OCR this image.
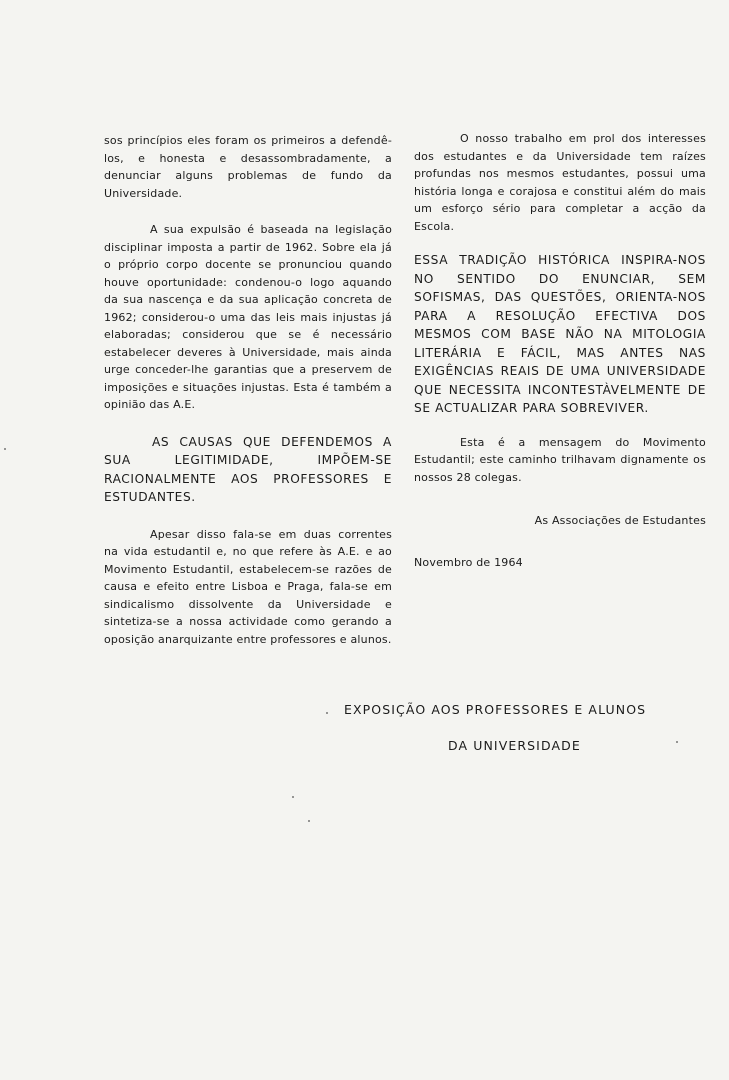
sos princípios eles foram os primeiros a defendê-los, e honesta e desassombradamente, a denunciar alguns problemas de fundo da Universidade.

A sua expulsão é baseada na legislação disciplinar imposta a partir de 1962. Sobre ela já o próprio corpo docente se pronunciou quando houve oportunidade: condenou-o logo aquando da sua nascença e da sua aplicação concreta de 1962; considerou-o uma das leis mais injustas já elaboradas; considerou que se é necessário estabelecer deveres à Universidade, mais ainda urge conceder-lhe garantias que a preservem de imposições e situações injustas. Esta é também a opinião das A.E.

AS CAUSAS QUE DEFENDEMOS A SUA LEGITIMIDADE, IMPÕEM-SE RACIONALMENTE AOS PROFESSORES E ESTUDANTES.

Apesar disso fala-se em duas correntes na vida estudantil e, no que refere às A.E. e ao Movimento Estudantil, estabelecem-se razões de causa e efeito entre Lisboa e Praga, fala-se em sindicalismo dissolvente da Universidade e sintetiza-se a nossa actividade como gerando a oposição anarquizante entre professores e alunos.

O nosso trabalho em prol dos interesses dos estudantes e da Universidade tem raízes profundas nos mesmos estudantes, possui uma história longa e corajosa e constitui além do mais um esforço sério para completar a acção da Escola.

ESSA TRADIÇÃO HISTÓRICA INSPIRA-NOS NO SENTIDO DO ENUNCIAR, SEM SOFISMAS, DAS QUESTÕES, ORIENTA-NOS PARA A RESOLUÇÃO EFECTIVA DOS MESMOS COM BASE NÃO NA MITOLOGIA LITERÁRIA E FÁCIL, MAS ANTES NAS EXIGÊNCIAS REAIS DE UMA UNIVERSIDADE QUE NECESSITA INCONTESTÀVELMENTE DE SE ACTUALIZAR PARA SOBREVIVER.

Esta é a mensagem do Movimento Estudantil; este caminho trilhavam dignamente os nossos 28 colegas.

As Associações de Estudantes

Novembro de 1964

EXPOSIÇÃO AOS PROFESSORES E ALUNOS
DA UNIVERSIDADE
